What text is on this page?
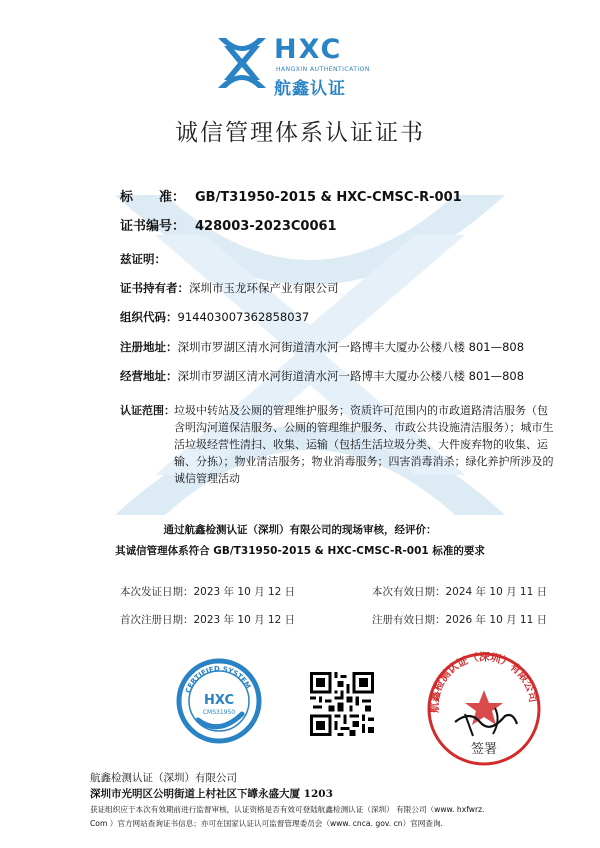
HXC
HANGXIN AUTHENTICATION
航鑫认证
诚信管理体系认证证书
标　　准： GB/T31950-2015 & HXC-CMSC-R-001
证书编号： 428003-2023C0061
兹证明：
证书持有者：深圳市玉龙环保产业有限公司
组织代码：914403007362858037
注册地址：深圳市罗湖区清水河街道清水河一路博丰大厦办公楼八楼 801—808
经营地址：深圳市罗湖区清水河街道清水河一路博丰大厦办公楼八楼 801—808
认证范围： 垃圾中转站及公厕的管理维护服务；资质许可范围内的市政道路清洁服务（包含明沟河道保洁服务、公厕的管理维护服务、市政公共设施清洁服务）；城市生活垃圾经营性清扫、收集、运输（包括生活垃圾分类、大件废弃物的收集、运输、分拣）；物业清洁服务；物业消毒服务；四害消毒消杀；绿化养护所涉及的诚信管理活动
通过航鑫检测认证（深圳）有限公司的现场审核，经评价：
其诚信管理体系符合 GB/T31950-2015 & HXC-CMSC-R-001 标准的要求
本次发证日期：2023 年 10 月 12 日	本次有效日期：2024 年 10 月 11 日
首次注册日期：2023 年 10 月 12 日	注册有效日期：2026 年 10 月 11 日
CERTIFIED SYSTEM
HXC
CMS31950	航鑫检测认证（深圳）有限公司
签署
航鑫检测认证（深圳）有限公司
深圳市光明区公明街道上村社区下罉永盛大厦 1203
获证组织应于本次有效期前进行监督审核，认证资格是否有效可登陆航鑫检测认证（深圳） 有限公司（www. hxfwrz.
Com ）官方网站查询证书信息；亦可在国家认证认可监督管理委员会（www. cnca. gov. cn）官网查询.
